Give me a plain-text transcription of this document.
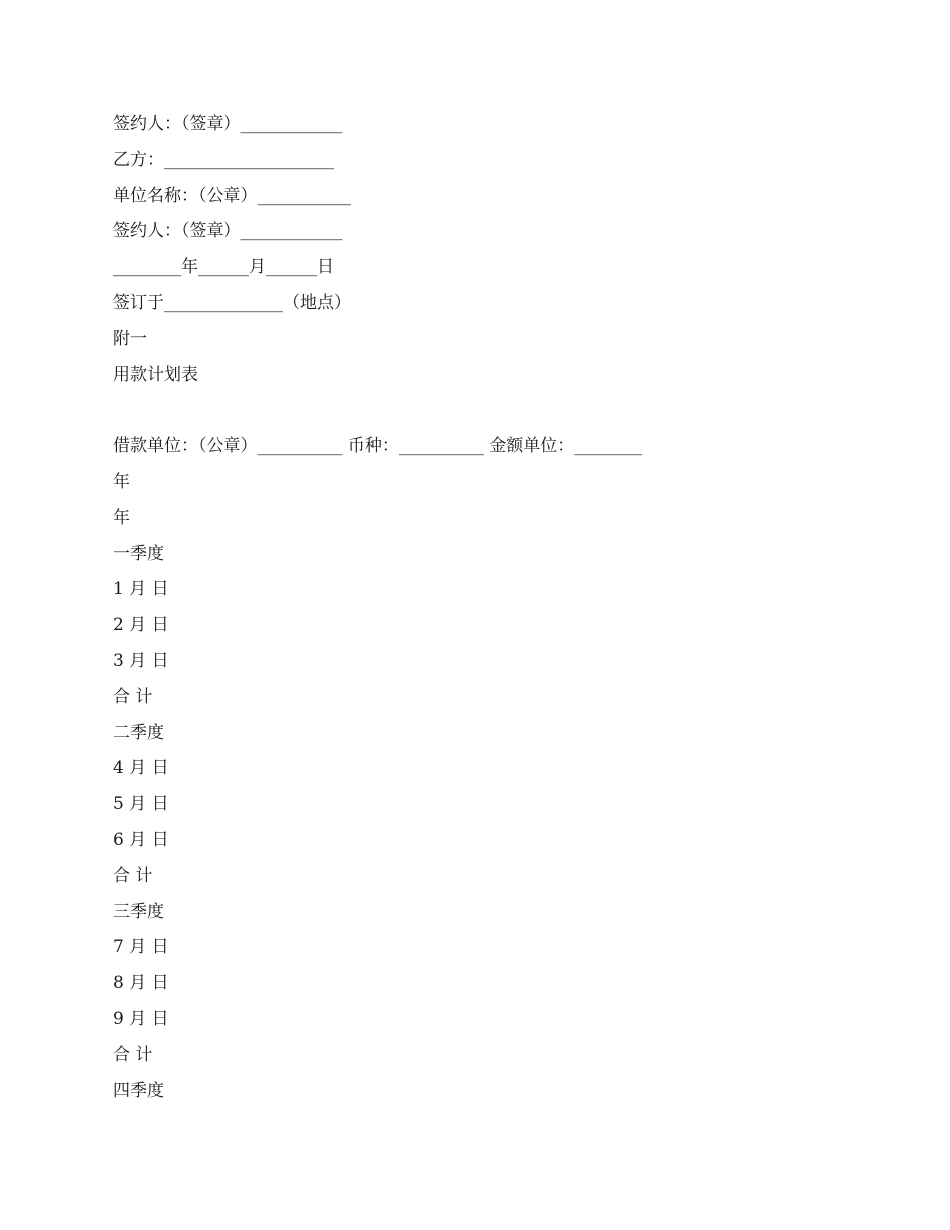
签约人：（签章）____________
乙方：____________________
单位名称：（公章）___________
签约人：（签章）____________
________年______月______日
签订于______________（地点）
附一
用款计划表
借款单位：（公章）__________ 币种：__________ 金额单位：________
年
年
一季度
1 月 日
2 月 日
3 月 日
合 计
二季度
4 月 日
5 月 日
6 月 日
合 计
三季度
7 月 日
8 月 日
9 月 日
合 计
四季度
